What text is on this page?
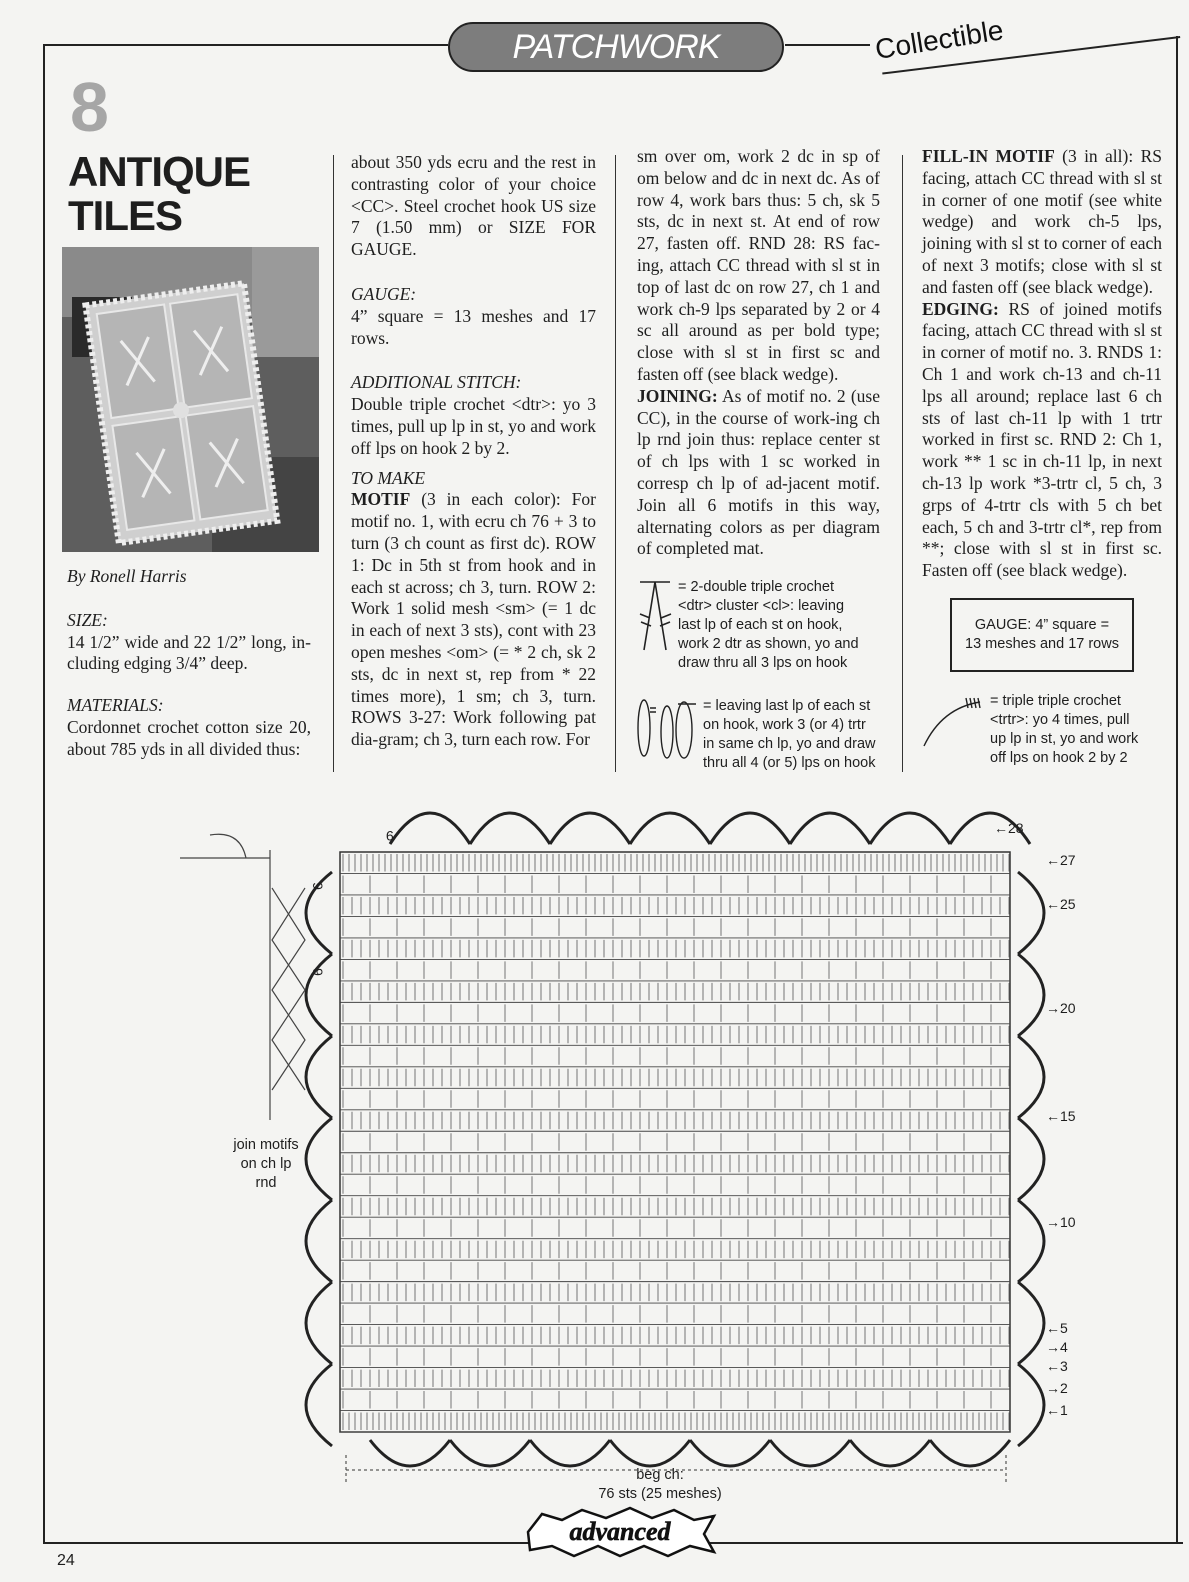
PATCHWORK	Collectible
8
ANTIQUE
TILES

By Ronell Harris

SIZE:

14 1/2” wide and 22 1/2” long, in-cluding edging 3/4” deep.

MATERIALS:

Cordonnet crochet cotton size 20, about 785 yds in all divided thus:

about 350 yds ecru and the rest in contrasting color of your choice <CC>. Steel crochet hook US size 7 (1.50 mm) or SIZE FOR GAUGE.

GAUGE:

4” square = 13 meshes and 17 rows.

ADDITIONAL STITCH:

Double triple crochet <dtr>: yo 3 times, pull up lp in st, yo and work off lps on hook 2 by 2.

TO MAKE

MOTIF (3 in each color): For motif no. 1, with ecru ch 76 + 3 to turn (3 ch count as first dc). ROW 1: Dc in 5th st from hook and in each st across; ch 3, turn. ROW 2: Work 1 solid mesh <sm> (= 1 dc in each of next 3 sts), cont with 23 open meshes <om> (= * 2 ch, sk 2 sts, dc in next st, rep from * 22 times more), 1 sm; ch 3, turn. ROWS 3-27: Work following pat dia-gram; ch 3, turn each row. For

sm over om, work 2 dc in sp of om below and dc in next dc. As of row 4, work bars thus: 5 ch, sk 5 sts, dc in next st. At end of row 27, fasten off. RND 28: RS fac-ing, attach CC thread with sl st in top of last dc on row 27, ch 1 and work ch-9 lps separated by 2 or 4 sc all around as per bold type; close with sl st in first sc and fasten off (see black wedge).

JOINING: As of motif no. 2 (use CC), in the course of work-ing ch lp rnd join thus: replace center st of ch lps with 1 sc worked in corresp ch lp of ad-jacent motif. Join all 6 motifs in this way, alternating colors as per diagram of completed mat.

FILL-IN MOTIF (3 in all): RS facing, attach CC thread with sl st in corner of one motif (see white wedge) and work ch-5 lps, joining with sl st to corner of each of next 3 motifs; close with sl st and fasten off (see black wedge).

EDGING: RS of joined motifs facing, attach CC thread with sl st in corner of motif no. 3. RNDS 1: Ch 1 and work ch-13 and ch-11 lps all around; replace last 6 ch sts of last ch-11 lp with 1 trtr worked in first sc. RND 2: Ch 1, work ** 1 sc in ch-11 lp, in next ch-13 lp work *3-trtr cl, 5 ch, 3 grps of 4-trtr cls with 5 ch bet each, 5 ch and 3-trtr cl*, rep from **; close with sl st in first sc. Fasten off (see black wedge).

= 2-double triple crochet
<dtr> cluster <cl>: leaving
last lp of each st on hook,
work 2 dtr as shown, yo and
draw thru all 3 lps on hook
= leaving last lp of each st
on hook, work 3 (or 4) trtr
in same ch lp, yo and draw
thru all 4 (or 5) lps on hook
GAUGE: 4” square =
13 meshes and 17 rows
= triple triple crochet
<trtr>: yo 4 times, pull
up lp in st, yo and work
off lps on hook 2 by 2
join motifs
on ch lp
rnd
beg ch:
76 sts (25 meshes)
←28
←27
←25
→20
←15
→10
←5
→4
←3
→2
←1
9
9
9
24
advanced
